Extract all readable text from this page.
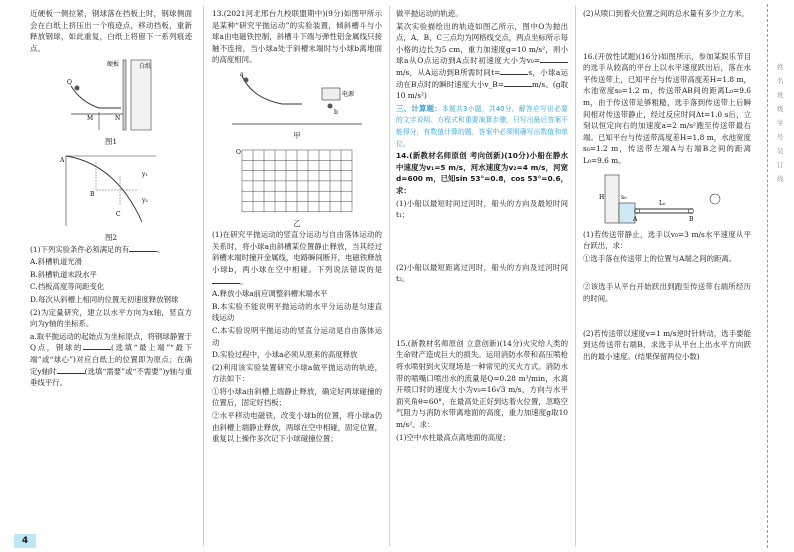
近硬板一侧拉紧，钢球落在挡板上时，钢球侧面会在白纸上挤压出一个痕迹点，移动挡板，重新释放钢球，如此重复，白纸上将留下一系列痕迹点。

硬板	白纸
Q
M	N
图1
A
B
C
y₁
y₂
图2

(1)下列实验条件必须满足的有	。

A.斜槽轨道光滑

B.斜槽轨道末段水平

C.挡板高度等间距变化

D.每次从斜槽上相同的位置无初速度释放钢球

(2)为定量研究，建立以水平方向为x轴，竖直方向为y轴的坐标系。

a.取平抛运动的起始点为坐标原点，将钢球静置于Q点，钢球的	(选填“最上端”“最下端”或“球心”)对应白纸上的位置即为原点；在确定y轴时	(选填“需要”或“不需要”)y轴与重垂线平行。

13.(2021河北邢台九校联盟期中)(9分)如图甲所示是某种“研究平抛运动”的实验装置，倾斜槽斗与小球a由电磁铁控制，斜槽斗下端与弹性铝金属线只接触不连接，当小球a处于斜槽末端时与小球b离地面的高度相同。

电源
a
b
甲
O
乙

(1)在研究平抛运动的竖直分运动与自由落体运动的关系时，将小球a由斜槽某位置静止释放，当其经过斜槽末端时撞开金属线，电路瞬间断开，电磁铁释放小球b，两小球在空中相碰。下列说法错误的是。

A.释放小球a前应调整斜槽末端水平

B.本实验不能说明平抛运动的水平分运动是匀速直线运动

C.本实验说明平抛运动的竖直分运动是自由落体运动

D.实验过程中，小球a必须从原来的高度释放

(2)利用该实验装置研究小球a做平抛运动的轨迹，方法如下：

①将小球a由斜槽上端静止释放，确定好两球碰撞的位置后，固定好挡板；

②水平移动电磁铁，改变小球b的位置，将小球a仍由斜槽上端静止释放，两球在空中相碰，固定位置，重复以上操作多次记下小球碰撞位置；

做平抛运动的轨迹。

某次实验描绘出的轨迹如图乙所示，图中O为抛出点，A、B、C三点均为网格线交点，两点坐标所示每小格的边长为5 cm，重力加速度g=10 m/s²，则小球a从O点运动到A点时初速度大小为v₀=m/s，从A运动到B所需时间t=	s，小球a运动在B点时的瞬时速度大小v_B=	m/s。(g取10 m/s²)

三、计算题：本题共3小题，共40分。解答应写出必要的文字说明、方程式和重要演算步骤，只写出最后答案不能得分，有数值计算的题，答案中必须明确写出数值和单位。

14.(新教材名师原创 考向创新)(10分)小船在静水中速度为v₁=5 m/s，河水速度为v₂=4 m/s，河宽d=600 m，已知sin 53°=0.8，cos 53°=0.6，求：

(1)小船以最短时间过河时，船头的方向及最短时间t₁；

(2)小船以最短距离过河时，船头的方向及过河时间t₂。

15.(新教材名师原创 立意创新)(14分)火灾给人类的生命财产造成巨大的损失。运用消防水带和高压喷枪将水喷射到火灾现场是一种常见的灭火方式。消防水带的喷嘴口喷出水的流量是Q=0.28 m³/min，水离开喷口时的速度大小为v₀=16√3 m/s，方向与水平面夹角θ=60°，在最高处正好到达着火位置，忽略空气阻力与消防水带离地面的高度，重力加速度g取10 m/s²。求：

(1)空中水柱最高点离地面的高度；

(2)从喷口到着火位置之间的总水量有多少立方米。

16.(开放性试题)(16分)如图所示，参加某娱乐节目的选手从较高的平台上以水平速度跃出后，落在水平传送带上，已知平台与传送带高度差H=1.8 m，水池宽度s₀=1.2 m，传送带AB间的距离L₀=9.6 m，由于传送带足够粗糙，选手落到传送带上后瞬间相对传送带静止，经过反应时间Δt=1.0 s后，立刻以恒定向右的加速度a=2 m/s²跑至传送带最右端。已知平台与传送带高度差H=1.8 m，水池宽度s₀=1.2 m，传送带左端A与右端B之间的距离L₀=9.6 m。

H	s₀
A	B
L₀

(1)若传送带静止，选手以v₀=3 m/s水平速度从平台跃出，求：

①选手落在传送带上的位置与A端之间的距离。

②该选手从平台开始跃出到跑至传送带右端所经历的时间。

(2)若传送带以速度v=1 m/s逆时针转动，选手要能到达传送带右端B，求选手从平台上出水平方向跃出的最小速度。(结果保留两位小数)

姓名 班级 学号 装订线
4
